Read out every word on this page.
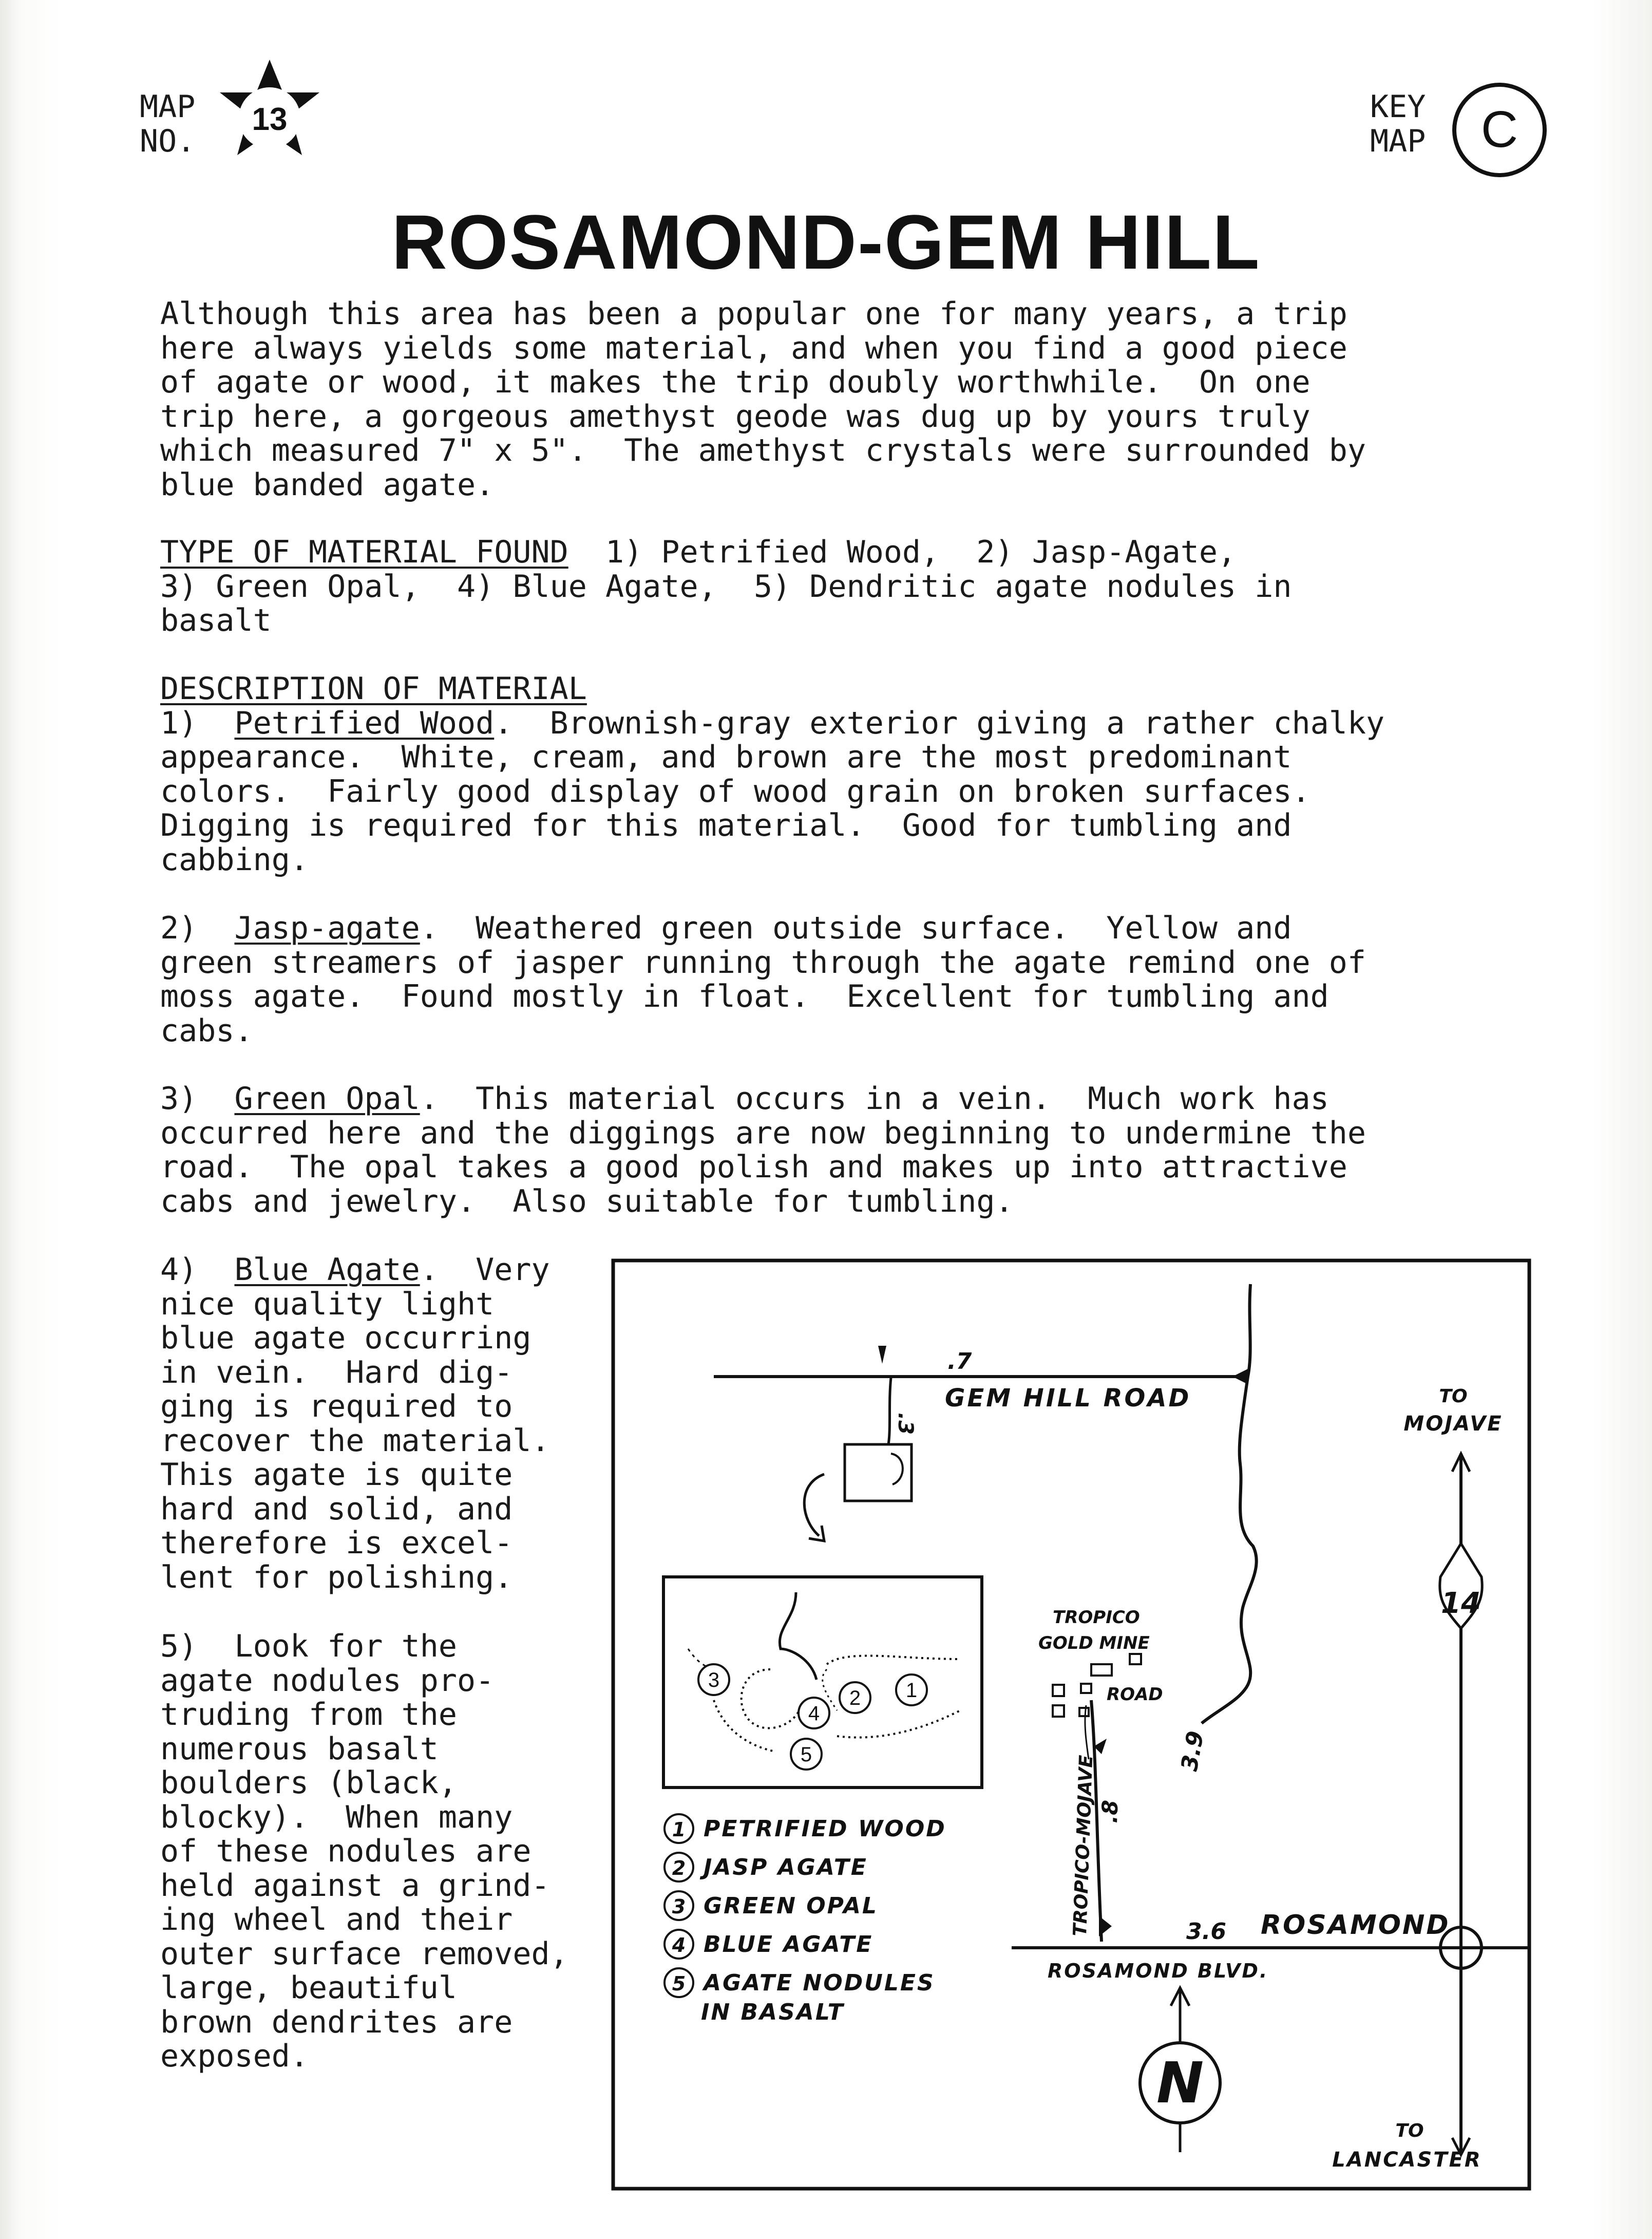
MAP
NO.
13	KEY
MAP C
ROSAMOND-GEM HILL
Although this area has been a popular one for many years, a trip
here always yields some material, and when you find a good piece
of agate or wood, it makes the trip doubly worthwhile.  On one
trip here, a gorgeous amethyst geode was dug up by yours truly
which measured 7" x 5".  The amethyst crystals were surrounded by
blue banded agate.
TYPE OF MATERIAL FOUND  1) Petrified Wood,  2) Jasp-Agate,
3) Green Opal,  4) Blue Agate,  5) Dendritic agate nodules in
basalt
DESCRIPTION OF MATERIAL
1)  Petrified Wood.  Brownish-gray exterior giving a rather chalky
appearance.  White, cream, and brown are the most predominant
colors.  Fairly good display of wood grain on broken surfaces.
Digging is required for this material.  Good for tumbling and
cabbing.
2)  Jasp-agate.  Weathered green outside surface.  Yellow and
green streamers of jasper running through the agate remind one of
moss agate.  Found mostly in float.  Excellent for tumbling and
cabs.
3)  Green Opal.  This material occurs in a vein.  Much work has
occurred here and the diggings are now beginning to undermine the
road.  The opal takes a good polish and makes up into attractive
cabs and jewelry.  Also suitable for tumbling.
4)  Blue Agate.  Very
nice quality light
blue agate occurring
in vein.  Hard dig-
ging is required to
recover the material.
This agate is quite
hard and solid, and
therefore is excel-
lent for polishing.
5)  Look for the
agate nodules pro-
truding from the
numerous basalt
boulders (black,
blocky).  When many
of these nodules are
held against a grind-
ing wheel and their
outer surface removed,
large, beautiful
brown dendrites are
exposed.
.7
GEM HILL ROAD
.3
3
2 1
4
5	3.9
TROPICO
GOLD MINE
ROAD
TROPICO-MOJAVE .8
3.6
ROSAMOND BLVD.
ROSAMOND
14
TO
MOJAVE
TO
LANCASTER
N
1 PETRIFIED WOOD
2 JASP AGATE
3 GREEN OPAL
4 BLUE AGATE
5 AGATE NODULES
IN BASALT
